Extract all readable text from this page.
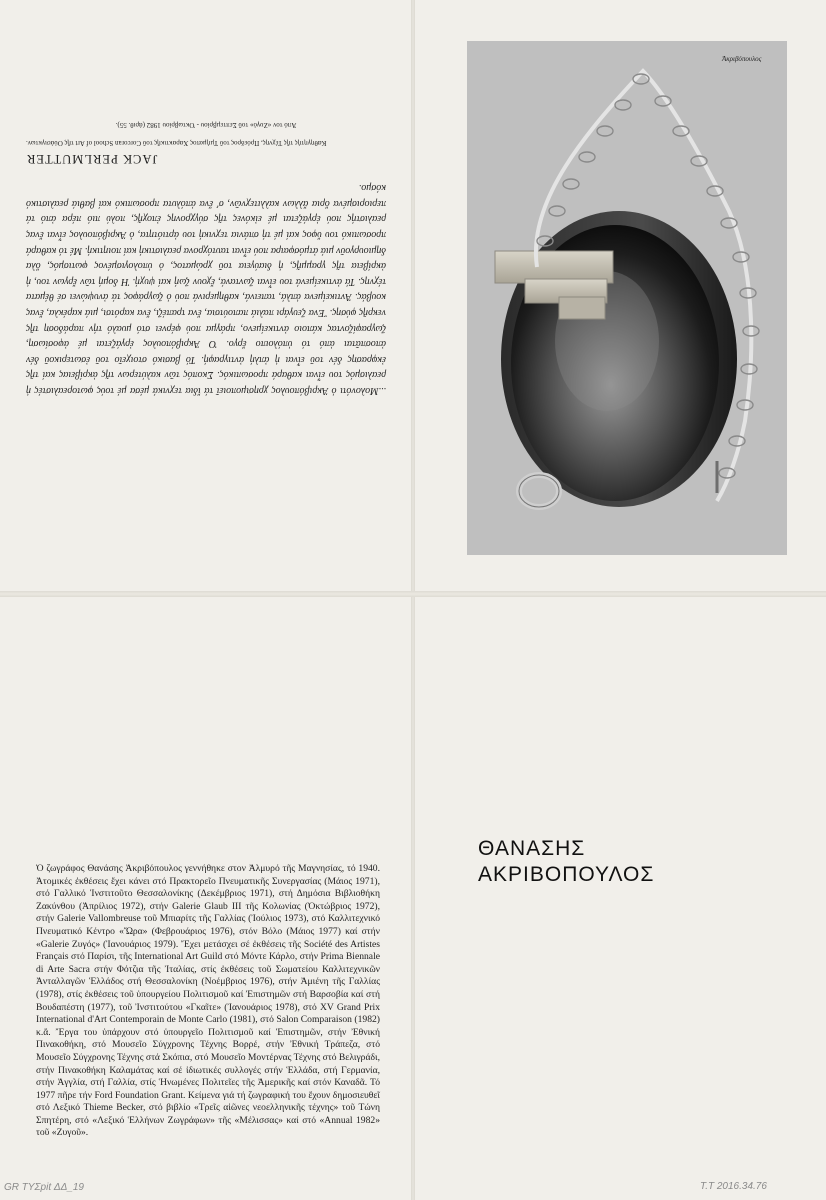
...Μολονότι ὁ Ἀκριβόπουλος χρησιμοποιεῖ τά ἴδια τεχνικά μέσα μέ τούς φωτορεαλιστές ἡ ρεαλισμός του εἶναι καθαρά προσωπικός. Σκοπός τῶν καλύτερων τῆς ἀκρίβειας καί τῆς ἐκφρασης δέν τοῦ εἶναι ἡ ἀπλή ἀντιγραφή. Τό βασικό στοιχεῖο τοῦ ἐσωτερικοῦ δέν ἀποσπᾶται ἀπό τό ὑπόλοιπο ἔργο. Ὁ Ἀκριβόπουλος ἐργάζεται μέ ἀφοσίωση, ζωγραφίζοντας κάποιο ἀντικείμενο, πράγμα πού φέρνει στό μυαλό τήν παράδοση τῆς νεκρῆς φύσης. Ἕνα ζευγάρι παλιά παπούτσια, ἕνα τραπέζι, ἕνα καρότσι, μιά καρέκλα, ἕνας κουβάς. Ἀντικείμενα ἁπλά, ταπεινά, καθημερινά πού ὁ ζωγράφος τά ἀνυψώνει σέ θέματα τέχνης. Τά ἀντικείμενά του εἶναι ζωντανά, ἔχουν ζωή καί ψυχή. Ἡ δομή τῶν ἔργων του, ἡ ἀκρίβεια τῆς γραμμῆς, ἡ διαύγεια τοῦ χρώματος, ὁ ὑπολογισμένος φωτισμός, ὅλα δημιουργοῦν μιά ἀτμόσφαιρα πού εἶναι ταυτόχρονα ρεαλιστική καί ποιητική. Μέ τό καθαρά προσωπικό του ὕφος καί μέ τή σπάνια τεχνική του ἀρτιότητα, ὁ Ἀκριβόπουλος εἶναι ἕνας ρεαλιστής πού ἐργάζεται μέ εἰκόνες τῆς σύγχρονης ἐποχῆς, πολύ πιό πέρα ἀπό τά περιορισμένα ὅρια ἄλλων καλλιτεχνῶν, σ' ἕνα ἀπόλυτα προσωπικό καί βαθιά ρεαλιστικό κόσμο.

JACK PERLMUTTER
Καθηγητής τῆς Τέχνης, Πρόεδρος τοῦ Τμήματος Χαρακτικῆς τοῦ Corcoran School of Art τῆς Οὐάσιγκτων.
Ἀπό τον «Ζυγό» τοῦ Σεπτεμβρίου - Ὀκτωβρίου 1982 (ἀριθ. 55).
Ἀκριβόπουλος
ΘΑΝΑΣΗΣ
ΑΚΡΙΒΟΠΟΥΛΟΣ

Ὁ ζωγράφος Θανάσης Ἀκριβόπουλος γεννήθηκε στον Ἀλμυρό τῆς Μαγνησίας, τό 1940. Ἀτομικές ἐκθέσεις ἔχει κάνει στό Πρακτορεῖο Πνευματικῆς Συνεργασίας (Μάιος 1971), στό Γαλλικό Ἰνστιτοῦτο Θεσσαλονίκης (Δεκέμβριος 1971), στή Δημόσια Βιβλιοθήκη Ζακύνθου (Ἀπρίλιος 1972), στήν Galerie Glaub III τῆς Κολωνίας (Ὀκτώβριος 1972), στήν Galerie Vallombreuse τοῦ Μπιαρίτς τῆς Γαλλίας (Ἰούλιος 1973), στό Καλλιτεχνικό Πνευματικό Κέντρο «Ὥρα» (Φεβρουάριος 1976), στόν Βόλο (Μάιος 1977) καί στήν «Galerie Ζυγός» (Ἰανουάριος 1979). Ἔχει μετάσχει σέ ἐκθέσεις τῆς Société des Artistes Français στό Παρίσι, τῆς International Art Guild στό Μόντε Κάρλο, στήν Prima Biennale di Arte Sacra στήν Φότζια τῆς Ἰταλίας, στίς ἐκθέσεις τοῦ Σωματείου Καλλιτεχνικῶν Ἀνταλλαγῶν Ἑλλάδος στή Θεσσαλονίκη (Νοέμβριος 1976), στήν Ἀμιένη τῆς Γαλλίας (1978), στίς ἐκθέσεις τοῦ ὑπουργείου Πολιτισμοῦ καί Ἐπιστημῶν στή Βαρσοβία καί στή Βουδαπέστη (1977), τοῦ Ἰνστιτούτου «Γκαῖτε» (Ἰανουάριος 1978), στό XV Grand Prix International d'Art Contemporain de Monte Carlo (1981), στό Salon Comparaison (1982) κ.ἄ. Ἔργα του ὑπάρχουν στό ὑπουργεῖο Πολιτισμοῦ καί Ἐπιστημῶν, στήν Ἐθνική Πινακοθήκη, στό Μουσεῖο Σύγχρονης Τέχνης Βορρέ, στήν Ἐθνική Τράπεζα, στό Μουσεῖο Σύγχρονης Τέχνης στά Σκόπια, στό Μουσεῖο Μοντέρνας Τέχνης στό Βελιγράδι, στήν Πινακοθήκη Καλαμάτας καί σέ ἰδιωτικές συλλογές στήν Ἑλλάδα, στή Γερμανία, στήν Ἀγγλία, στή Γαλλία, στίς Ἡνωμένες Πολιτεῖες τῆς Ἀμερικῆς καί στόν Καναδᾶ. Τό 1977 πῆρε τήν Ford Foundation Grant. Κείμενα γιά τή ζωγραφική του ἔχουν δημοσιευθεῖ στό Λεξικό Thieme Becker, στό βιβλίο «Τρεῖς αἰῶνες νεοελληνικῆς τέχνης» τοῦ Τώνη Σπητέρη, στό «Λεξικό Ἑλλήνων Ζωγράφων» τῆς «Μέλισσας» καί στό «Annual 1982» τοῦ «Ζυγοῦ».

GR ΤΥΣpit ΔΔ_19	Τ.Τ 2016.34.76
